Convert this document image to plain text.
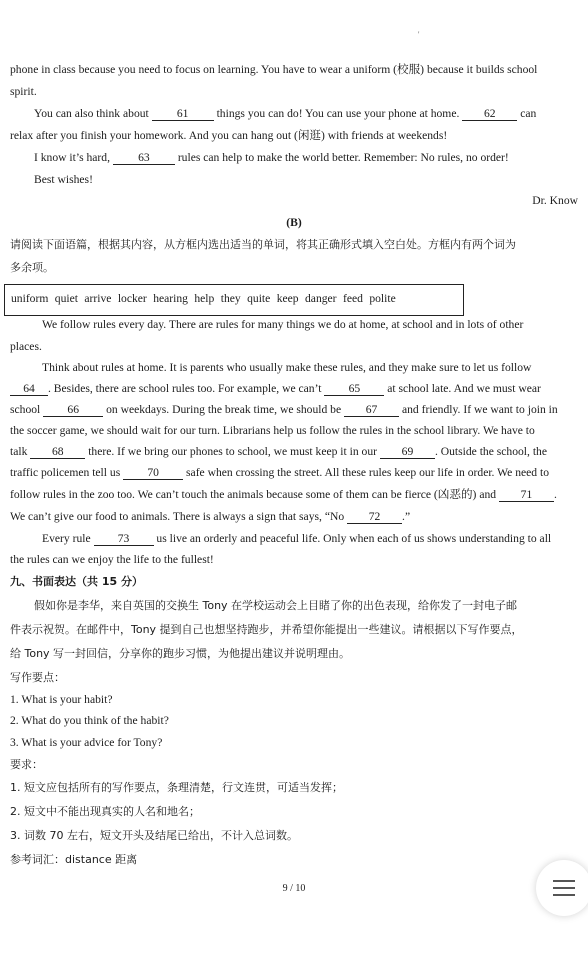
'
phone in class because you need to focus on learning. You have to wear a uniform (校服) because it builds school
spirit.
You can also think about 61 things you can do! You can use your phone at home. 62 can
relax after you finish your homework. And you can hang out (闲逛) with friends at weekends!
I know it’s hard, 63 rules can help to make the world better. Remember: No rules, no order!
Best wishes!
Dr. Know
(B)
请阅读下面语篇，根据其内容，从方框内选出适当的单词，将其正确形式填入空白处。方框内有两个词为
多余项。
uniform quiet arrive locker hearing help they quite keep danger feed polite
We follow rules every day. There are rules for many things we do at home, at school and in lots of other
places.
Think about rules at home. It is parents who usually make these rules, and they make sure to let us follow
64 . Besides, there are school rules too. For example, we can’t 65 at school late. And we must wear
school 66 on weekdays. During the break time, we should be 67 and friendly. If we want to join in
the soccer game, we should wait for our turn. Librarians help us follow the rules in the school library. We have to
talk 68 there. If we bring our phones to school, we must keep it in our 69 . Outside the school, the
traffic policemen tell us 70 safe when crossing the street. All these rules keep our life in order. We need to
follow rules in the zoo too. We can’t touch the animals because some of them can be fierce (凶恶的) and 71 .
We can’t give our food to animals. There is always a sign that says, “No 72 .”
Every rule 73 us live an orderly and peaceful life. Only when each of us shows understanding to all
the rules can we enjoy the life to the fullest!
九、书面表达（共 15 分）
假如你是李华，来自英国的交换生 Tony 在学校运动会上目睹了你的出色表现，给你发了一封电子邮
件表示祝贺。在邮件中，Tony 提到自己也想坚持跑步，并希望你能提出一些建议。请根据以下写作要点，
给 Tony 写一封回信，分享你的跑步习惯，为他提出建议并说明理由。
写作要点：
1. What is your habit?
2. What do you think of the habit?
3. What is your advice for Tony?
要求：
1. 短文应包括所有的写作要点，条理清楚，行文连贯，可适当发挥；
2. 短文中不能出现真实的人名和地名；
3. 词数 70 左右，短文开头及结尾已给出，不计入总词数。
参考词汇：distance 距离
9 / 10
